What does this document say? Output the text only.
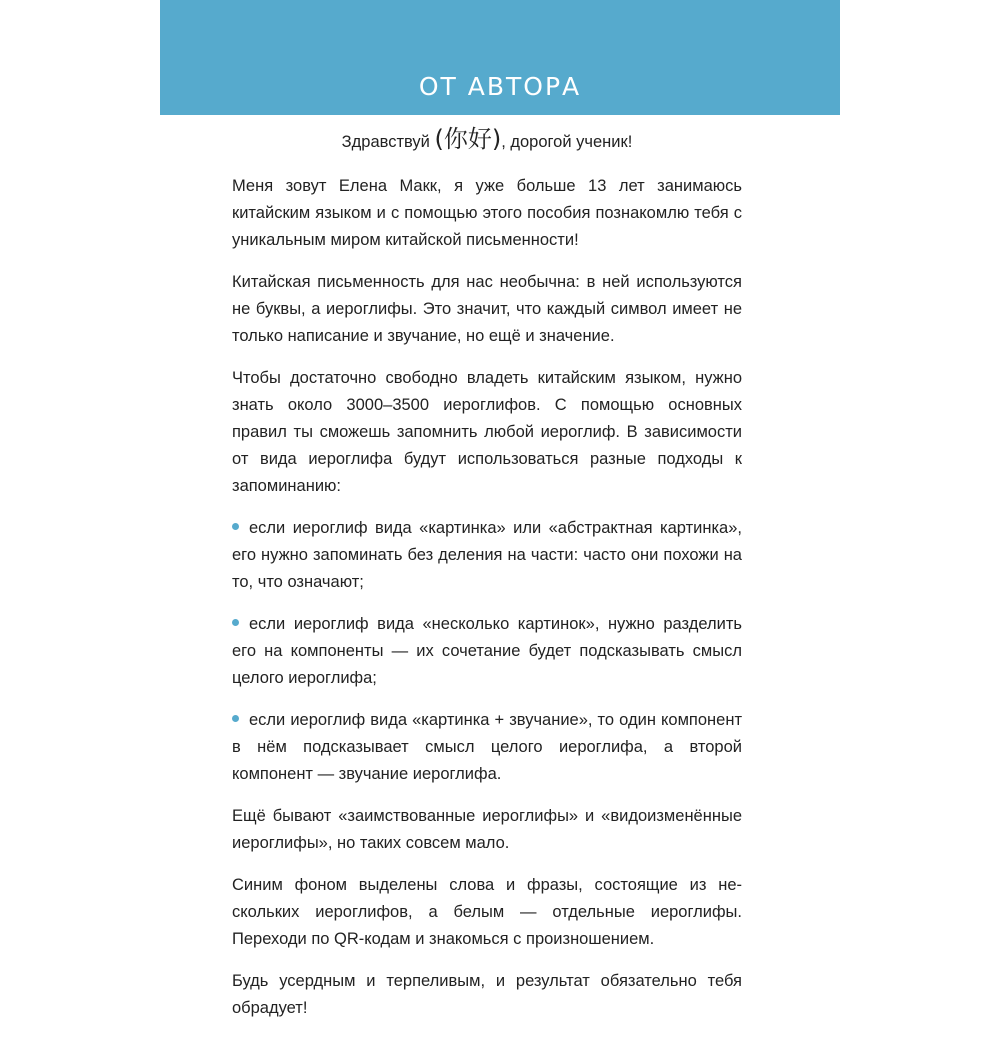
ОТ АВТОРА

Здравствуй (你好), дорогой ученик!

Меня зовут Елена Макк, я уже больше 13 лет занимаюсь китайским языком и с помощью этого пособия познакомлю тебя с уникальным миром китайской письменности!

Китайская письменность для нас необычна: в ней используются не буквы, а иероглифы. Это значит, что каждый символ имеет не только написание и звучание, но ещё и значение.

Чтобы достаточно свободно владеть китайским языком, нужно знать около 3000–3500 иероглифов. С помощью основных правил ты сможешь запомнить любой иероглиф. В зависимости от вида иероглифа будут использоваться разные подходы к запоминанию:

если иероглиф вида «картинка» или «абстрактная картинка», его нужно запоминать без деления на части: часто они похожи на то, что означают;

если иероглиф вида «несколько картинок», нужно разделить его на компоненты — их сочетание будет подсказывать смысл целого иероглифа;

если иероглиф вида «картинка + звучание», то один компонент в нём подсказывает смысл целого иероглифа, а второй компонент — звучание иероглифа.

Ещё бывают «заимствованные иероглифы» и «видоизменённые иероглифы», но таких совсем мало.

Синим фоном выделены слова и фразы, состоящие из нескольких иероглифов, а белым — отдельные иероглифы. Переходи по QR-кодам и знакомься с произношением.

Будь усердным и терпеливым, и результат обязательно тебя обрадует!
